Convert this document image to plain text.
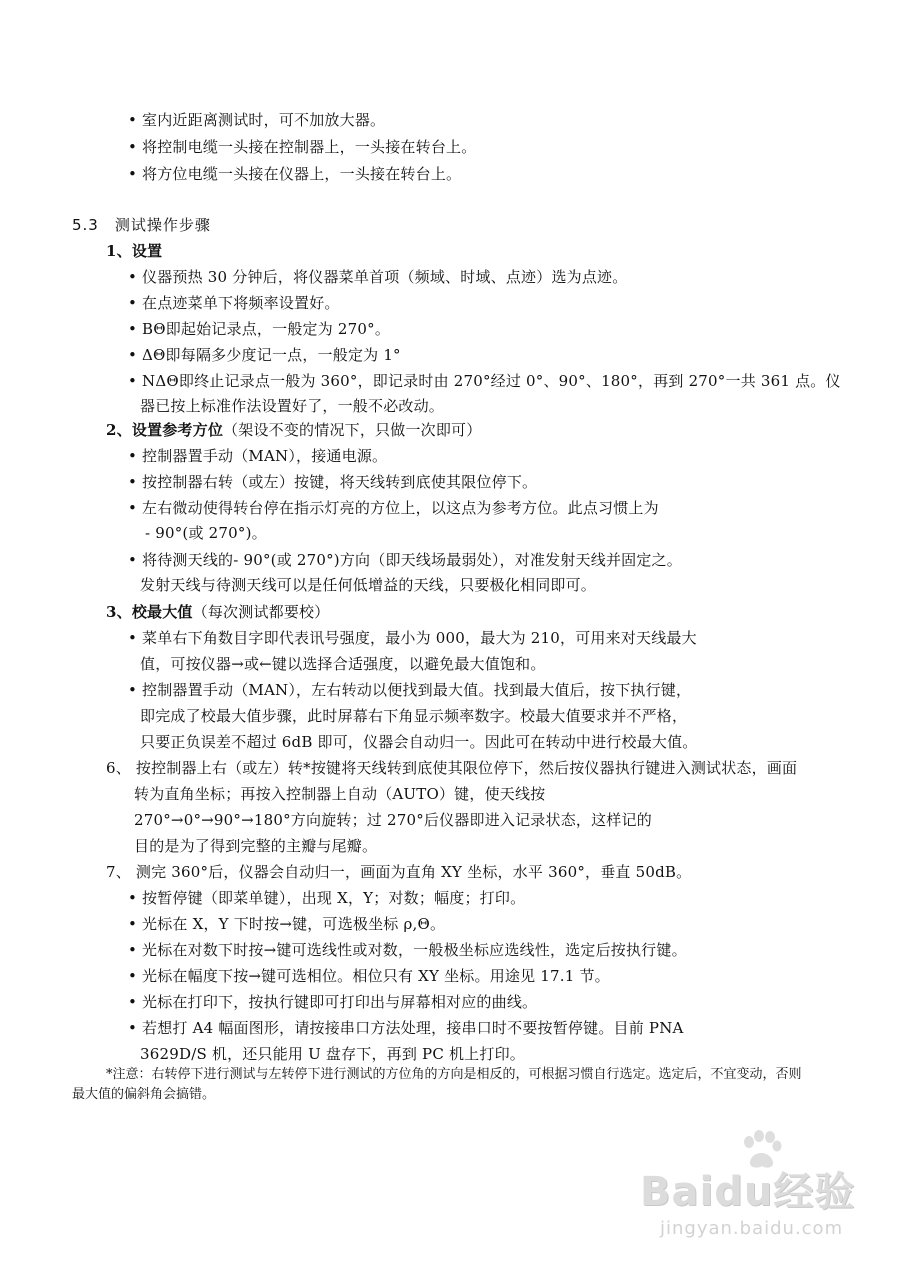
• 室内近距离测试时，可不加放大器。
• 将控制电缆一头接在控制器上，一头接在转台上。
• 将方位电缆一头接在仪器上，一头接在转台上。
5.3　测试操作步骤
1、设置
• 仪器预热 30 分钟后，将仪器菜单首项（频域、时域、点迹）选为点迹。
• 在点迹菜单下将频率设置好。
• BΘ即起始记录点，一般定为 270°。
• ΔΘ即每隔多少度记一点，一般定为 1°
• NΔΘ即终止记录点一般为 360°，即记录时由 270°经过 0°、90°、180°，再到 270°一共 361 点。仪
器已按上标准作法设置好了，一般不必改动。
2、设置参考方位（架设不变的情况下，只做一次即可）
• 控制器置手动（MAN），接通电源。
• 按控制器右转（或左）按键，将天线转到底使其限位停下。
• 左右微动使得转台停在指示灯亮的方位上，以这点为参考方位。此点习惯上为
- 90°(或 270°)。
• 将待测天线的- 90°(或 270°)方向（即天线场最弱处），对准发射天线并固定之。
发射天线与待测天线可以是任何低增益的天线，只要极化相同即可。
3、校最大值（每次测试都要校）
• 菜单右下角数目字即代表讯号强度，最小为 000，最大为 210，可用来对天线最大
值，可按仪器→或←键以选择合适强度，以避免最大值饱和。
• 控制器置手动（MAN），左右转动以便找到最大值。找到最大值后，按下执行键，
即完成了校最大值步骤，此时屏幕右下角显示频率数字。校最大值要求并不严格，
只要正负误差不超过 6dB 即可，仪器会自动归一。因此可在转动中进行校最大值。
6、 按控制器上右（或左）转*按键将天线转到底使其限位停下，然后按仪器执行键进入测试状态，画面
转为直角坐标；再按入控制器上自动（AUTO）键，使天线按
270°→0°→90°→180°方向旋转；过 270°后仪器即进入记录状态，这样记的
目的是为了得到完整的主瓣与尾瓣。
7、 测完 360°后，仪器会自动归一，画面为直角 XY 坐标，水平 360°，垂直 50dB。
• 按暂停键（即菜单键），出现 X，Y；对数；幅度；打印。
• 光标在 X，Y 下时按→键，可选极坐标 ρ,Θ。
• 光标在对数下时按→键可选线性或对数，一般极坐标应选线性，选定后按执行键。
• 光标在幅度下按→键可选相位。相位只有 XY 坐标。用途见 17.1 节。
• 光标在打印下，按执行键即可打印出与屏幕相对应的曲线。
• 若想打 A4 幅面图形，请按接串口方法处理，接串口时不要按暂停键。目前 PNA
3629D/S 机，还只能用 U 盘存下，再到 PC 机上打印。
*注意：右转停下进行测试与左转停下进行测试的方位角的方向是相反的，可根据习惯自行选定。选定后，不宜变动，否则
最大值的偏斜角会搞错。
Baidu经验
jingyan.baidu.com
